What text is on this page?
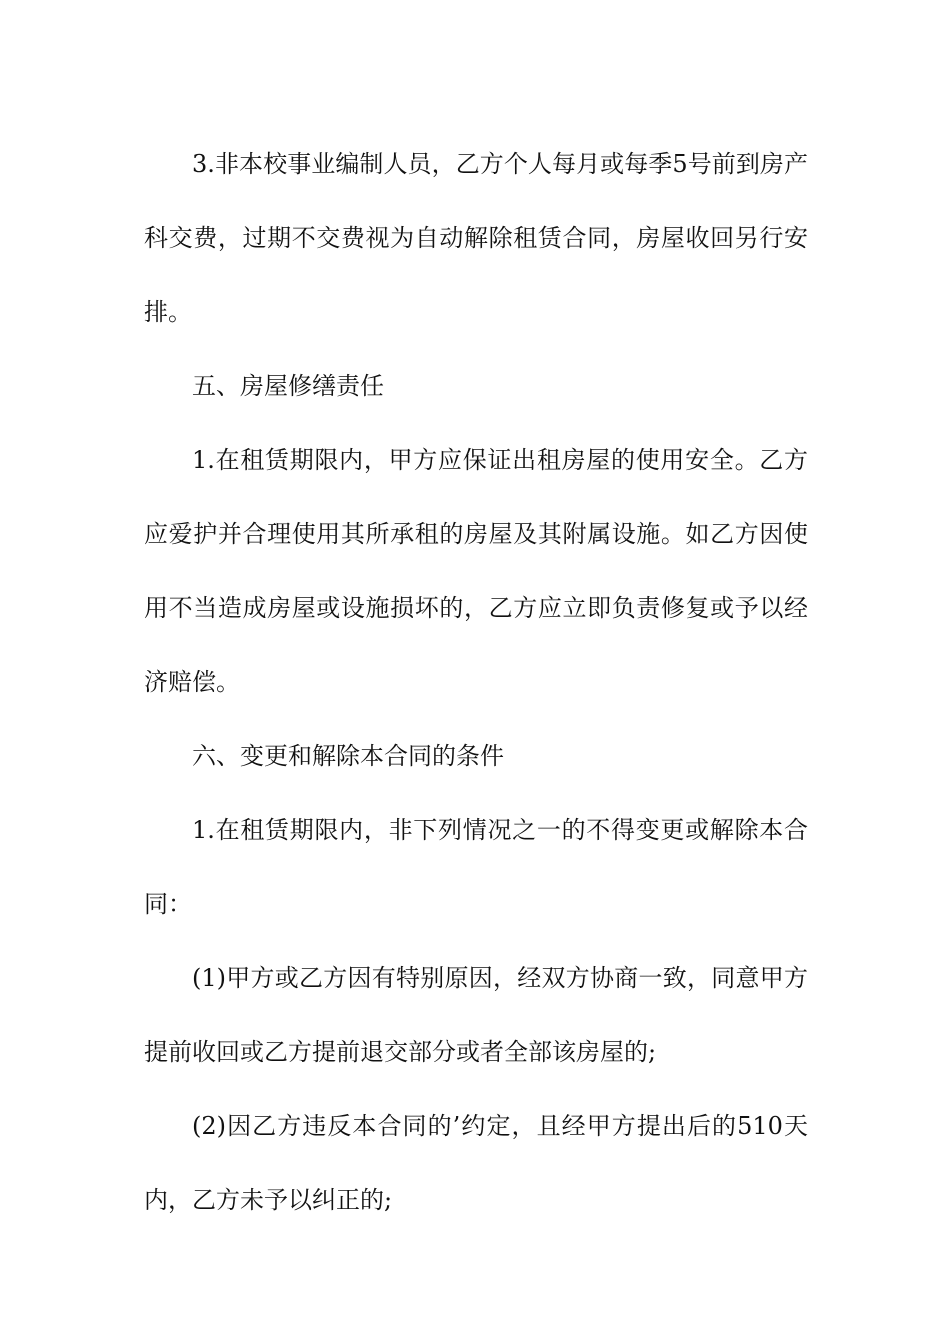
3.非本校事业编制人员，乙方个人每月或每季5号前到房产科交费，过期不交费视为自动解除租赁合同，房屋收回另行安排。

五、房屋修缮责任

1.在租赁期限内，甲方应保证出租房屋的使用安全。乙方应爱护并合理使用其所承租的房屋及其附属设施。如乙方因使用不当造成房屋或设施损坏的，乙方应立即负责修复或予以经济赔偿。

六、变更和解除本合同的条件

1.在租赁期限内，非下列情况之一的不得变更或解除本合同：

(1)甲方或乙方因有特别原因，经双方协商一致，同意甲方提前收回或乙方提前退交部分或者全部该房屋的;

(2)因乙方违反本合同的’约定，且经甲方提出后的510天内，乙方未予以纠正的;
